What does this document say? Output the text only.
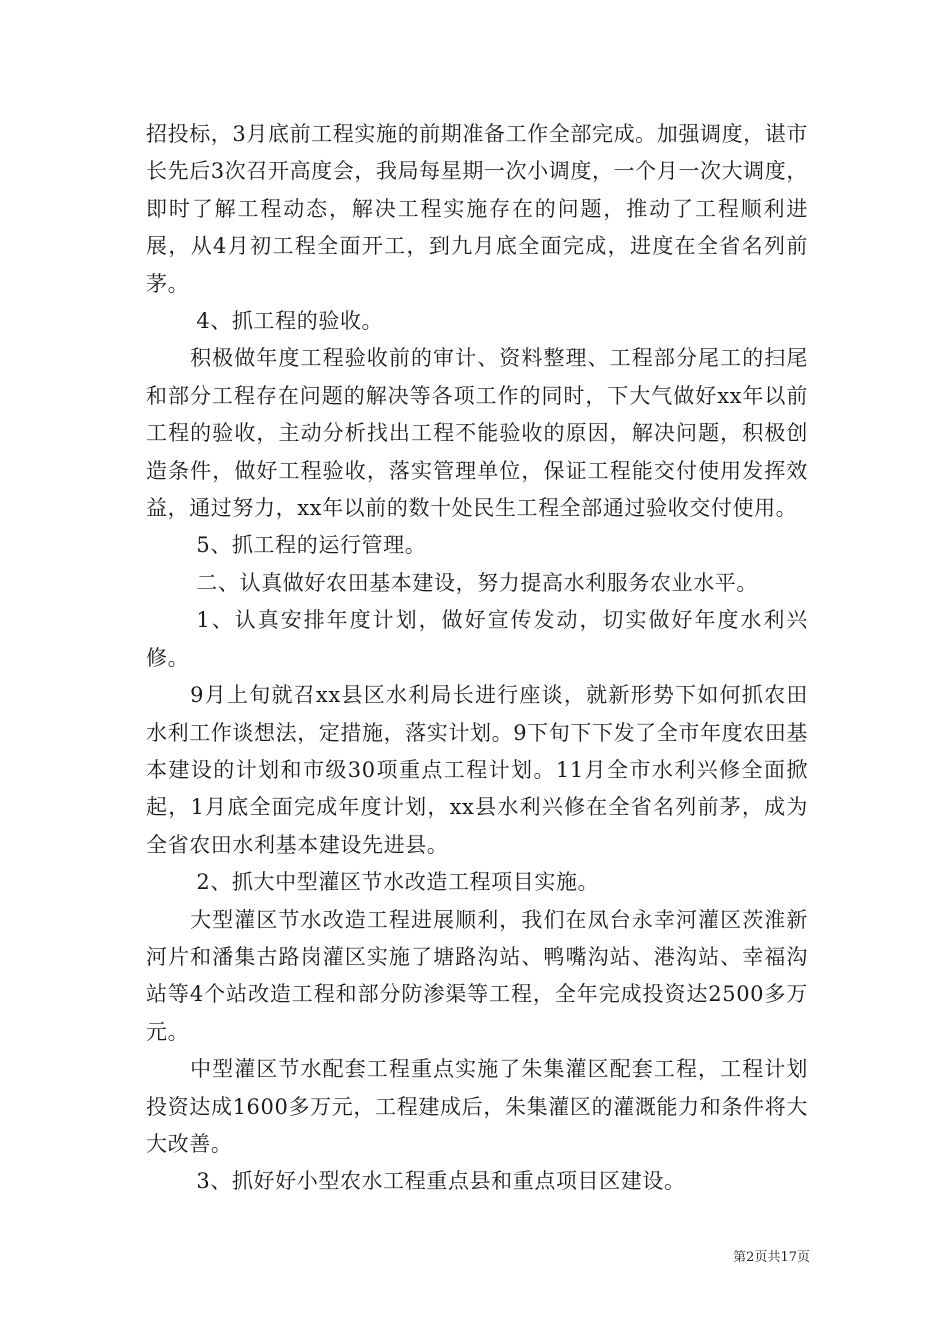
招投标，3月底前工程实施的前期准备工作全部完成。加强调度，谌市长先后3次召开高度会，我局每星期一次小调度，一个月一次大调度，即时了解工程动态，解决工程实施存在的问题，推动了工程顺利进展，从4月初工程全面开工，到九月底全面完成，进度在全省名列前茅。

4、抓工程的验收。

积极做年度工程验收前的审计、资料整理、工程部分尾工的扫尾和部分工程存在问题的解决等各项工作的同时，下大气做好xx年以前工程的验收，主动分析找出工程不能验收的原因，解决问题，积极创造条件，做好工程验收，落实管理单位，保证工程能交付使用发挥效益，通过努力，xx年以前的数十处民生工程全部通过验收交付使用。

5、抓工程的运行管理。

二、认真做好农田基本建设，努力提高水利服务农业水平。

1、认真安排年度计划，做好宣传发动，切实做好年度水利兴修。

9月上旬就召xx县区水利局长进行座谈，就新形势下如何抓农田水利工作谈想法，定措施，落实计划。9下旬下下发了全市年度农田基本建设的计划和市级30项重点工程计划。11月全市水利兴修全面掀起，1月底全面完成年度计划，xx县水利兴修在全省名列前茅，成为全省农田水利基本建设先进县。

2、抓大中型灌区节水改造工程项目实施。

大型灌区节水改造工程进展顺利，我们在凤台永幸河灌区茨淮新河片和潘集古路岗灌区实施了塘路沟站、鸭嘴沟站、港沟站、幸福沟站等4个站改造工程和部分防渗渠等工程，全年完成投资达2500多万元。

中型灌区节水配套工程重点实施了朱集灌区配套工程，工程计划投资达成1600多万元，工程建成后，朱集灌区的灌溉能力和条件将大大改善。

3、抓好好小型农水工程重点县和重点项目区建设。

第2页共17页
